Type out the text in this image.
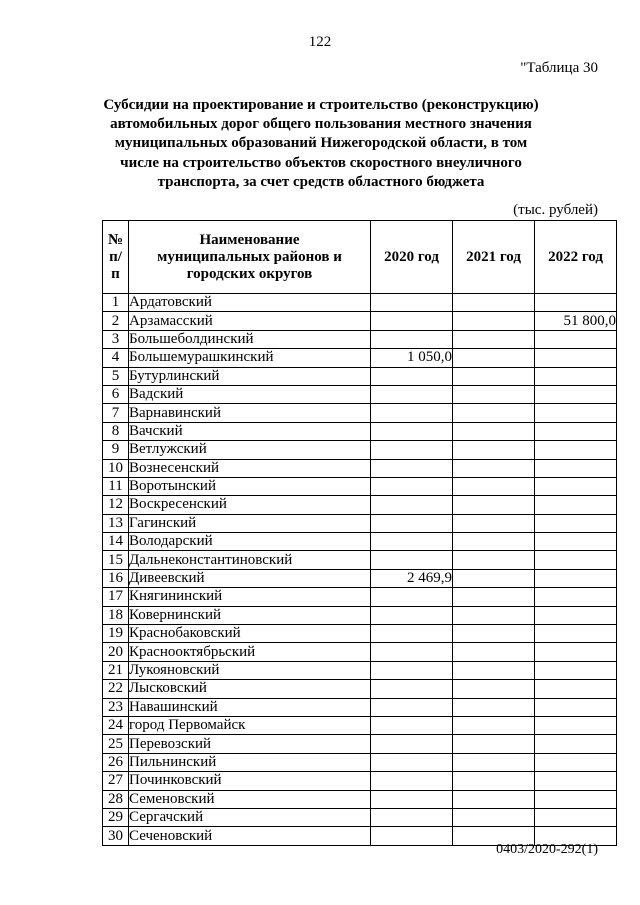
122
"Таблица 30
Субсидии на проектирование и строительство (реконструкцию) автомобильных дорог общего пользования местного значения муниципальных образований Нижегородской области, в том числе на строительство объектов скоростного внеуличного транспорта, за счет средств областного бюджета
(тыс. рублей)
№ п/п	Наименование муниципальных районов и городских округов	2020 год	2021 год	2022 год
1	Ардатовский			
2	Арзамасский			51 800,0
3	Большеболдинский			
4	Большемурашкинский	1 050,0		
5	Бутурлинский			
6	Вадский			
7	Варнавинский			
8	Вачский			
9	Ветлужский			
10	Вознесенский			
11	Воротынский			
12	Воскресенский			
13	Гагинский			
14	Володарский			
15	Дальнеконстантиновский			
16	Дивеевский	2 469,9		
17	Княгининский			
18	Ковернинский			
19	Краснобаковский			
20	Краснооктябрьский			
21	Лукояновский			
22	Лысковский			
23	Навашинский			
24	город Первомайск			
25	Перевозский			
26	Пильнинский			
27	Починковский			
28	Семеновский			
29	Сергачский			
30	Сеченовский			
0403/2020-292(1)
